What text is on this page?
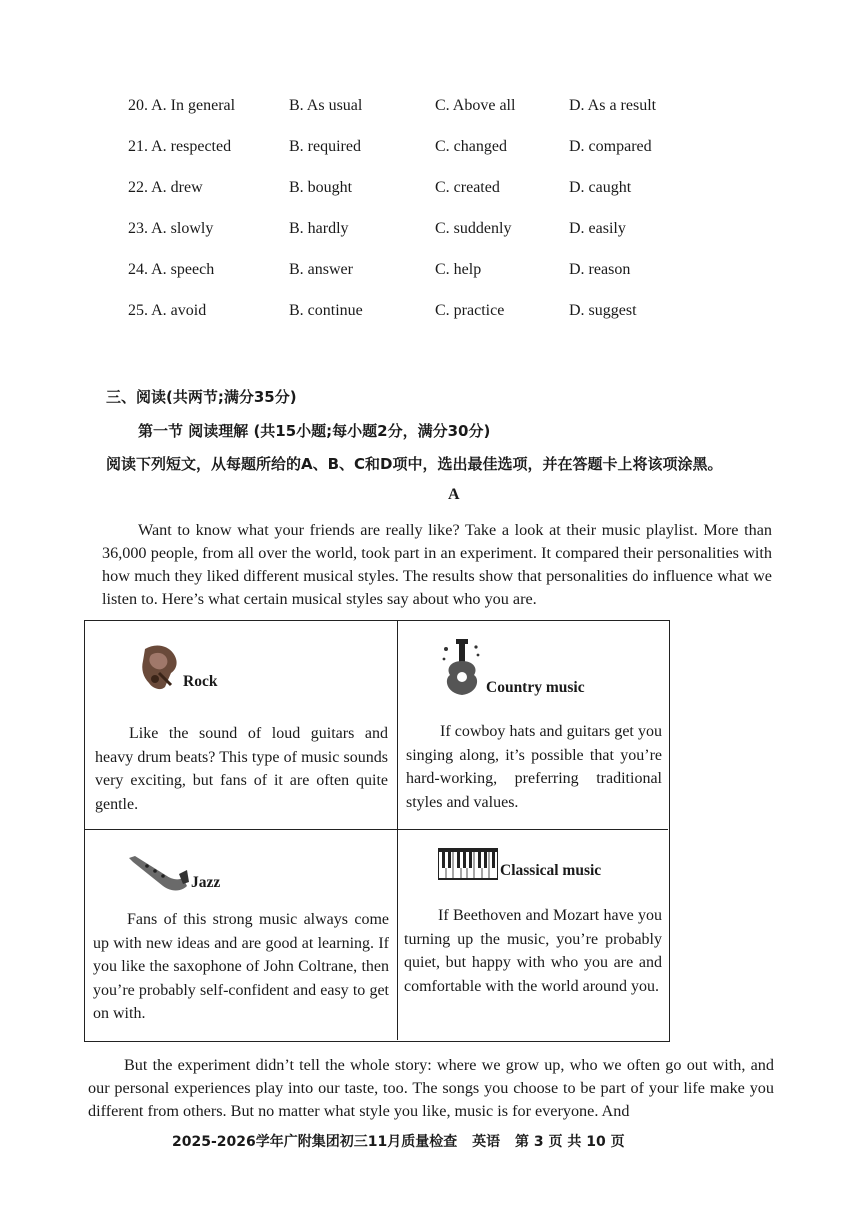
20. A. In general	B. As usual	C. Above all	D. As a result
21. A. respected	B. required	C. changed	D. compared
22. A. drew	B. bought	C. created	D. caught
23. A. slowly	B. hardly	C. suddenly	D. easily
24. A. speech	B. answer	C. help	D. reason
25. A. avoid	B. continue	C. practice	D. suggest
三、阅读(共两节;满分35分)
第一节 阅读理解 (共15小题;每小题2分，满分30分)
阅读下列短文，从每题所给的A、B、C和D项中，选出最佳选项，并在答题卡上将该项涂黑。
A
Want to know what your friends are really like? Take a look at their music playlist. More than 36,000 people, from all over the world, took part in an experiment. It compared their personalities with how much they liked different musical styles. The results show that personalities do influence what we listen to. Here’s what certain musical styles say about who you are.
Rock
Like the sound of loud guitars and heavy drum beats? This type of music sounds very exciting, but fans of it are often quite gentle.
Country music
If cowboy hats and guitars get you singing along, it’s possible that you’re hard-working, preferring traditional styles and values.
Jazz
Fans of this strong music always come up with new ideas and are good at learning. If you like the saxophone of John Coltrane, then you’re probably self-confident and easy to get on with.
Classical music
If Beethoven and Mozart have you turning up the music, you’re probably quiet, but happy with who you are and comfortable with the world around you.
But the experiment didn’t tell the whole story: where we grow up, who we often go out with, and our personal experiences play into our taste, too. The songs you choose to be part of your life make you different from others. But no matter what style you like, music is for everyone. And
2025-2026学年广附集团初三11月质量检查 英语 第 3 页 共 10 页
